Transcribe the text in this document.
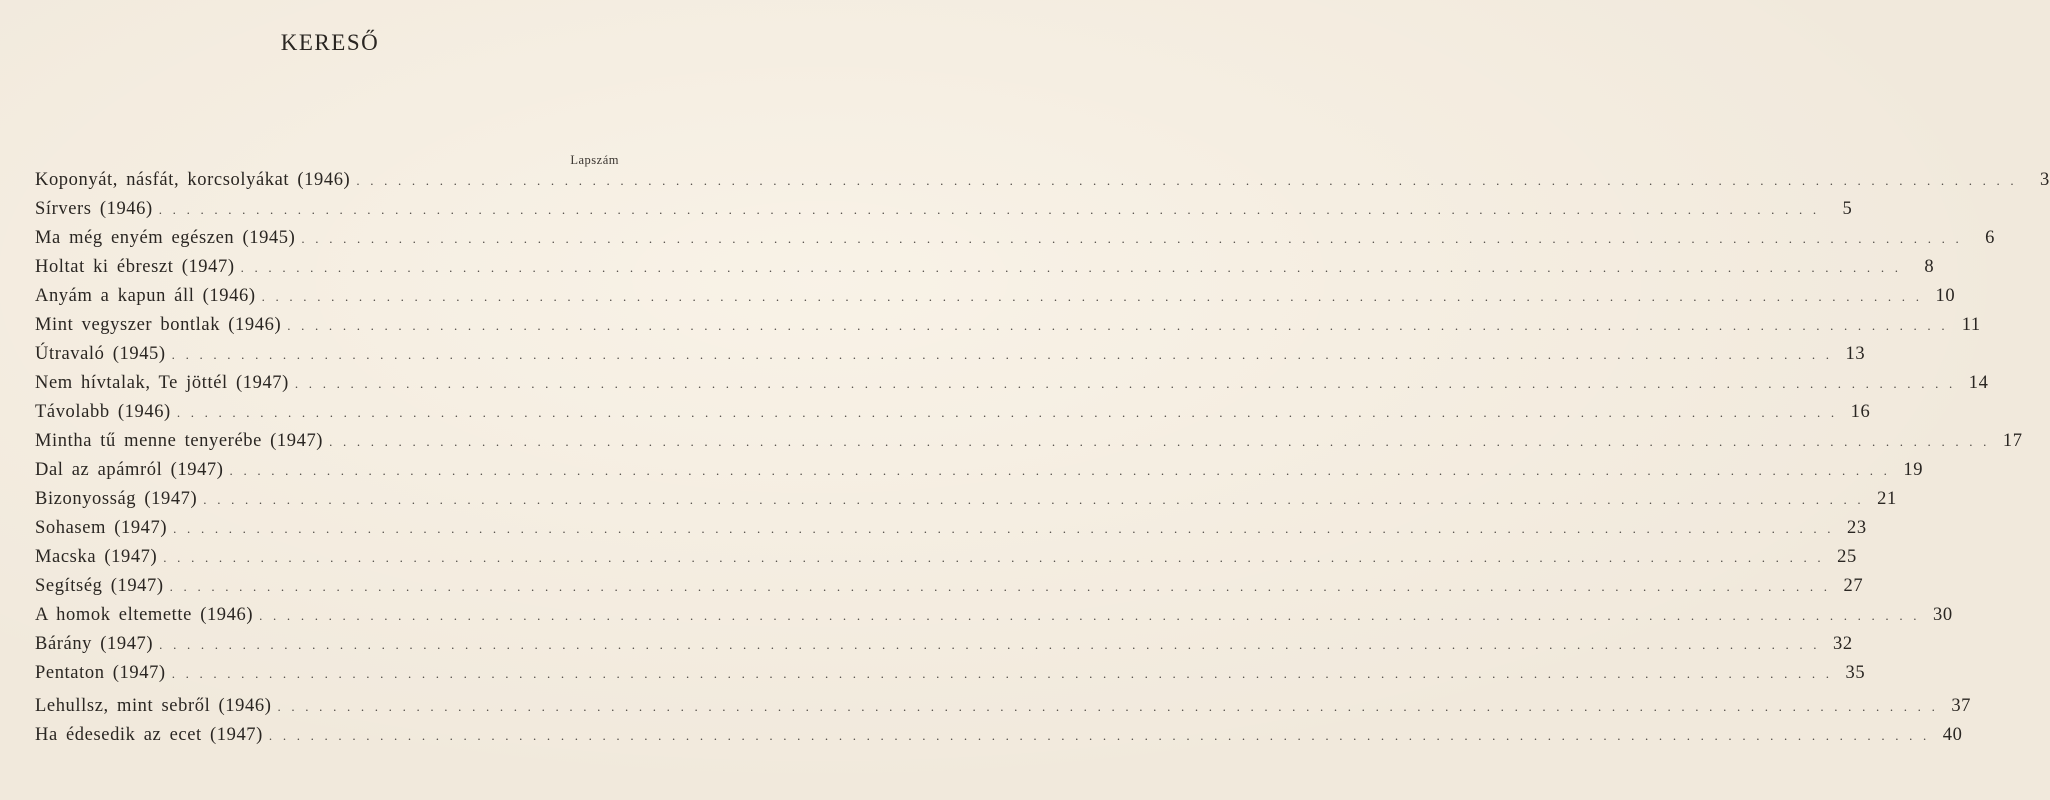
KERESŐ
Lapszám
Koponyát, násfát, korcsolyákat (1946) . . . . . . . . . . . . . . . . . . . . . . . . . . . . . . . . . . . . . . . . . . . . . . . . . . . . . . . . . . . . . . . . . . . . . . . . . . . . . . . . . . . . . . . . . . . . . . . . . . . . . . . . . . . . . . . . . . . . . . . .	3
Sírvers (1946) . . . . . . . . . . . . . . . . . . . . . . . . . . . . . . . . . . . . . . . . . . . . . . . . . . . . . . . . . . . . . . . . . . . . . . . . . . . . . . . . . . . . . . . . . . . . . . . . . . . . . . . . . . . . . . . . . . . . . . . .	5
Ma még enyém egészen (1945) . . . . . . . . . . . . . . . . . . . . . . . . . . . . . . . . . . . . . . . . . . . . . . . . . . . . . . . . . . . . . . . . . . . . . . . . . . . . . . . . . . . . . . . . . . . . . . . . . . . . . . . . . . . . . . . . . . . . . . . .	6
Holtat ki ébreszt (1947) . . . . . . . . . . . . . . . . . . . . . . . . . . . . . . . . . . . . . . . . . . . . . . . . . . . . . . . . . . . . . . . . . . . . . . . . . . . . . . . . . . . . . . . . . . . . . . . . . . . . . . . . . . . . . . . . . . . . . . . .	8
Anyám a kapun áll (1946) . . . . . . . . . . . . . . . . . . . . . . . . . . . . . . . . . . . . . . . . . . . . . . . . . . . . . . . . . . . . . . . . . . . . . . . . . . . . . . . . . . . . . . . . . . . . . . . . . . . . . . . . . . . . . . . . . . . . . . . . 10
Mint vegyszer bontlak (1946) . . . . . . . . . . . . . . . . . . . . . . . . . . . . . . . . . . . . . . . . . . . . . . . . . . . . . . . . . . . . . . . . . . . . . . . . . . . . . . . . . . . . . . . . . . . . . . . . . . . . . . . . . . . . . . . . . . . . . . . . 11
Útravaló (1945) . . . . . . . . . . . . . . . . . . . . . . . . . . . . . . . . . . . . . . . . . . . . . . . . . . . . . . . . . . . . . . . . . . . . . . . . . . . . . . . . . . . . . . . . . . . . . . . . . . . . . . . . . . . . . . . . . . . . . . . . 13
Nem hívtalak, Te jöttél (1947) . . . . . . . . . . . . . . . . . . . . . . . . . . . . . . . . . . . . . . . . . . . . . . . . . . . . . . . . . . . . . . . . . . . . . . . . . . . . . . . . . . . . . . . . . . . . . . . . . . . . . . . . . . . . . . . . . . . . . . . . 14
Távolabb (1946) . . . . . . . . . . . . . . . . . . . . . . . . . . . . . . . . . . . . . . . . . . . . . . . . . . . . . . . . . . . . . . . . . . . . . . . . . . . . . . . . . . . . . . . . . . . . . . . . . . . . . . . . . . . . . . . . . . . . . . . . 16
Mintha tű menne tenyerébe (1947) . . . . . . . . . . . . . . . . . . . . . . . . . . . . . . . . . . . . . . . . . . . . . . . . . . . . . . . . . . . . . . . . . . . . . . . . . . . . . . . . . . . . . . . . . . . . . . . . . . . . . . . . . . . . . . . . . . . . . . . . 17
Dal az apámról (1947) . . . . . . . . . . . . . . . . . . . . . . . . . . . . . . . . . . . . . . . . . . . . . . . . . . . . . . . . . . . . . . . . . . . . . . . . . . . . . . . . . . . . . . . . . . . . . . . . . . . . . . . . . . . . . . . . . . . . . . . . 19
Bizonyosság (1947) . . . . . . . . . . . . . . . . . . . . . . . . . . . . . . . . . . . . . . . . . . . . . . . . . . . . . . . . . . . . . . . . . . . . . . . . . . . . . . . . . . . . . . . . . . . . . . . . . . . . . . . . . . . . . . . . . . . . . . . . 21
Sohasem (1947) . . . . . . . . . . . . . . . . . . . . . . . . . . . . . . . . . . . . . . . . . . . . . . . . . . . . . . . . . . . . . . . . . . . . . . . . . . . . . . . . . . . . . . . . . . . . . . . . . . . . . . . . . . . . . . . . . . . . . . . . 23
Macska (1947) . . . . . . . . . . . . . . . . . . . . . . . . . . . . . . . . . . . . . . . . . . . . . . . . . . . . . . . . . . . . . . . . . . . . . . . . . . . . . . . . . . . . . . . . . . . . . . . . . . . . . . . . . . . . . . . . . . . . . . . . 25
Segítség (1947) . . . . . . . . . . . . . . . . . . . . . . . . . . . . . . . . . . . . . . . . . . . . . . . . . . . . . . . . . . . . . . . . . . . . . . . . . . . . . . . . . . . . . . . . . . . . . . . . . . . . . . . . . . . . . . . . . . . . . . . . 27
A homok eltemette (1946) . . . . . . . . . . . . . . . . . . . . . . . . . . . . . . . . . . . . . . . . . . . . . . . . . . . . . . . . . . . . . . . . . . . . . . . . . . . . . . . . . . . . . . . . . . . . . . . . . . . . . . . . . . . . . . . . . . . . . . . . 30
Bárány (1947) . . . . . . . . . . . . . . . . . . . . . . . . . . . . . . . . . . . . . . . . . . . . . . . . . . . . . . . . . . . . . . . . . . . . . . . . . . . . . . . . . . . . . . . . . . . . . . . . . . . . . . . . . . . . . . . . . . . . . . . . 32
Pentaton (1947) . . . . . . . . . . . . . . . . . . . . . . . . . . . . . . . . . . . . . . . . . . . . . . . . . . . . . . . . . . . . . . . . . . . . . . . . . . . . . . . . . . . . . . . . . . . . . . . . . . . . . . . . . . . . . . . . . . . . . . . . 35
Lehullsz, mint sebről (1946) . . . . . . . . . . . . . . . . . . . . . . . . . . . . . . . . . . . . . . . . . . . . . . . . . . . . . . . . . . . . . . . . . . . . . . . . . . . . . . . . . . . . . . . . . . . . . . . . . . . . . . . . . . . . . . . . . . . . . . . . 37
Ha édesedik az ecet (1947) . . . . . . . . . . . . . . . . . . . . . . . . . . . . . . . . . . . . . . . . . . . . . . . . . . . . . . . . . . . . . . . . . . . . . . . . . . . . . . . . . . . . . . . . . . . . . . . . . . . . . . . . . . . . . . . . . . . . . . . . 40
